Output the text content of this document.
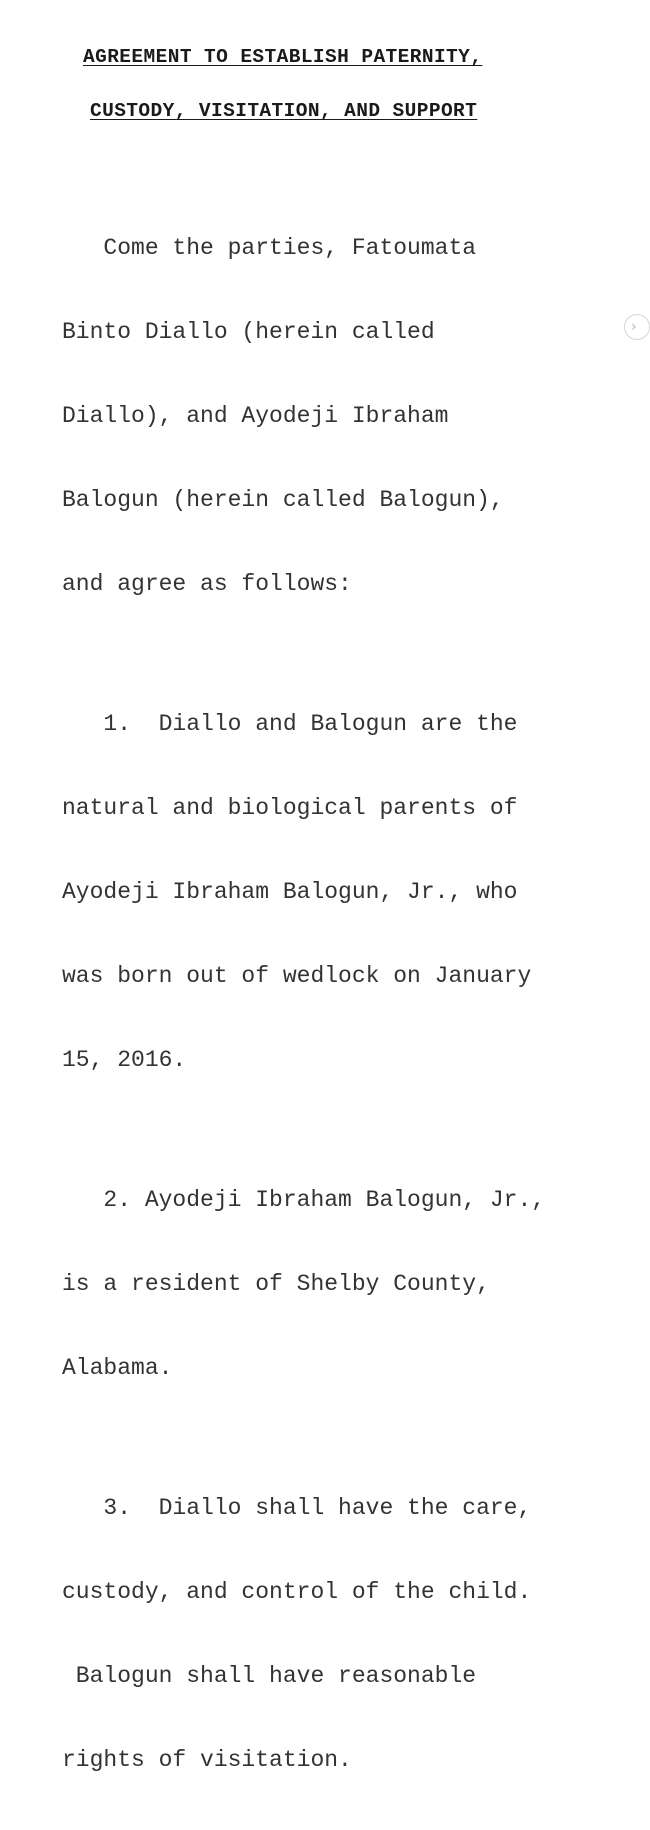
AGREEMENT TO ESTABLISH PATERNITY,
CUSTODY, VISITATION, AND SUPPORT

Come the parties, Fatoumata

Binto Diallo (herein called

Diallo), and Ayodeji Ibraham

Balogun (herein called Balogun),

and agree as follows:

1.  Diallo and Balogun are the

natural and biological parents of

Ayodeji Ibraham Balogun, Jr., who

was born out of wedlock on January

15, 2016.

2. Ayodeji Ibraham Balogun, Jr.,

is a resident of Shelby County,

Alabama.

3.  Diallo shall have the care,

custody, and control of the child.

Balogun shall have reasonable

rights of visitation.

›
